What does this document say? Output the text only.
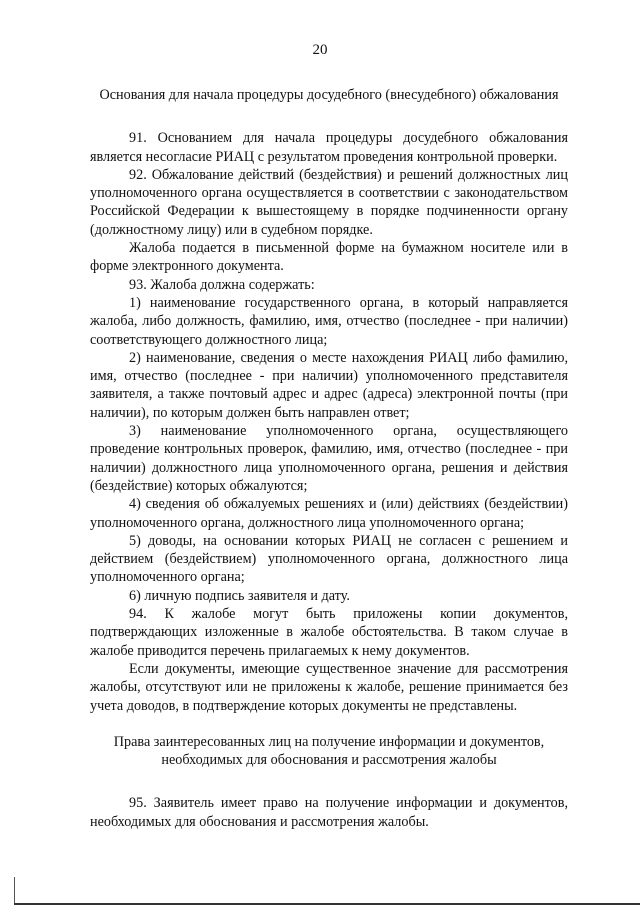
20
Основания для начала процедуры досудебного (внесудебного) обжалования

91. Основанием для начала процедуры досудебного обжалования является несогласие РИАЦ с результатом проведения контрольной проверки.

92. Обжалование действий (бездействия) и решений должностных лиц уполномоченного органа осуществляется в соответствии с законодательством Российской Федерации к вышестоящему в порядке подчиненности органу (должностному лицу) или в судебном порядке.

Жалоба подается в письменной форме на бумажном носителе или в форме электронного документа.

93. Жалоба должна содержать:

1) наименование государственного органа, в который направляется жалоба, либо должность, фамилию, имя, отчество (последнее - при наличии) соответствующего должностного лица;

2) наименование, сведения о месте нахождения РИАЦ либо фамилию, имя, отчество (последнее - при наличии) уполномоченного представителя заявителя, а также почтовый адрес и адрес (адреса) электронной почты (при наличии), по которым должен быть направлен ответ;

3) наименование уполномоченного органа, осуществляющего проведение контрольных проверок, фамилию, имя, отчество (последнее - при наличии) должностного лица уполномоченного органа, решения и действия (бездействие) которых обжалуются;

4) сведения об обжалуемых решениях и (или) действиях (бездействии) уполномоченного органа, должностного лица уполномоченного органа;

5) доводы, на основании которых РИАЦ не согласен с решением и действием (бездействием) уполномоченного органа, должностного лица уполномоченного органа;

6) личную подпись заявителя и дату.

94. К жалобе могут быть приложены копии документов, подтверждающих изложенные в жалобе обстоятельства. В таком случае в жалобе приводится перечень прилагаемых к нему документов.

Если документы, имеющие существенное значение для рассмотрения жалобы, отсутствуют или не приложены к жалобе, решение принимается без учета доводов, в подтверждение которых документы не представлены.

Права заинтересованных лиц на получение информации и документов, необходимых для обоснования и рассмотрения жалобы

95. Заявитель имеет право на получение информации и документов, необходимых для обоснования и рассмотрения жалобы.
